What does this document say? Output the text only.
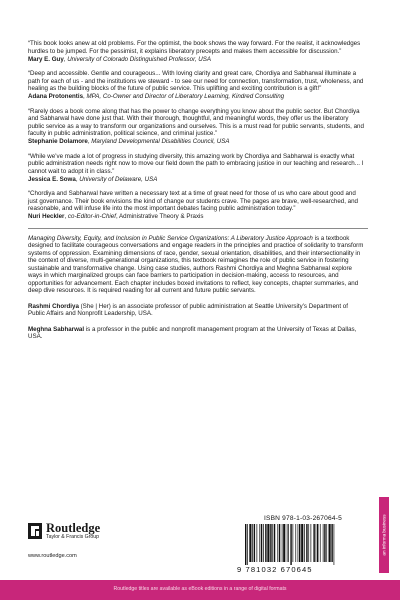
“This book looks anew at old problems. For the optimist, the book shows the way forward. For the realist, it acknowledges hurdles to be jumped. For the pessimist, it explains liberatory precepts and makes them accessible for discussion.”

Mary E. Guy, University of Colorado Distinguished Professor, USA

“Deep and accessible. Gentle and courageous... With loving clarity and great care, Chordiya and Sabharwal illuminate a path for each of us - and the institutions we steward - to see our need for connection, transformation, trust, wholeness, and healing as the building blocks of the future of public service. This uplifting and exciting contribution is a gift!”

Adana Protonentis, MPA, Co-Owner and Director of Liberatory Learning, Kindred Consulting

“Rarely does a book come along that has the power to change everything you know about the public sector. But Chordiya and Sabharwal have done just that. With their thorough, thoughtful, and meaningful words, they offer us the liberatory public service as a way to transform our organizations and ourselves. This is a must read for public servants, students, and faculty in public administration, political science, and criminal justice.”

Stephanie Dolamore, Maryland Developmental Disabilities Council, USA

“While we’ve made a lot of progress in studying diversity, this amazing work by Chordiya and Sabharwal is exactly what public administration needs right now to move our field down the path to embracing justice in our teaching and research... I cannot wait to adopt it in class.”

Jessica E. Sowa, University of Delaware, USA

“Chordiya and Sabharwal have written a necessary text at a time of great need for those of us who care about good and just governance. Their book envisions the kind of change our students crave. The pages are brave, well-researched, and reasonable, and will infuse life into the most important debates facing public administration today.”

Nuri Heckler, co-Editor-in-Chief, Administrative Theory & Praxis

Managing Diversity, Equity, and Inclusion in Public Service Organizations: A Liberatory Justice Approach is a textbook designed to facilitate courageous conversations and engage readers in the principles and practice of solidarity to transform systems of oppression. Examining dimensions of race, gender, sexual orientation, disabilities, and their intersectionality in the context of diverse, multi-generational organizations, this textbook reimagines the role of public service in fostering sustainable and transformative change. Using case studies, authors Rashmi Chordiya and Meghna Sabharwal explore ways in which marginalized groups can face barriers to participation in decision-making, access to resources, and opportunities for advancement. Each chapter includes boxed invitations to reflect, key concepts, chapter summaries, and deep dive resources. It is required reading for all current and future public servants.

Rashmi Chordiya (She | Her) is an associate professor of public administration at Seattle University’s Department of Public Affairs and Nonprofit Leadership, USA.

Meghna Sabharwal is a professor in the public and nonprofit management program at the University of Texas at Dallas, USA.

Routledge
Taylor & Francis Group
www.routledge.com
ISBN 978-1-03-267064-5
9 781032 670645
an informa business
Routledge titles are available as eBook editions in a range of digital formats
